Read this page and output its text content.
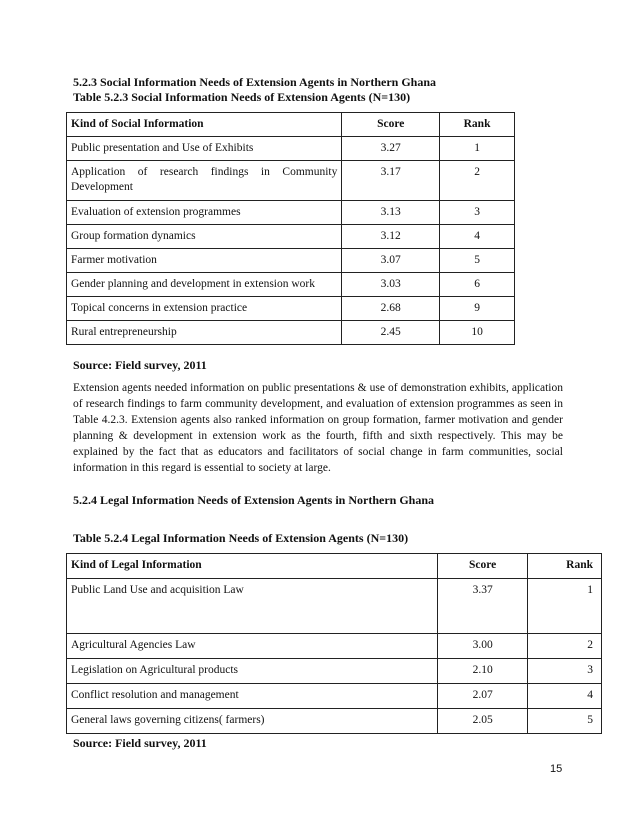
5.2.3 Social Information Needs of Extension Agents in Northern Ghana
Table 5.2.3 Social Information Needs of Extension Agents (N=130)
Kind of Social Information	Score	Rank
Public presentation and Use of Exhibits	3.27	1
Application of research findings in Community Development	3.17	2
Evaluation of extension programmes	3.13	3
Group formation dynamics	3.12	4
Farmer motivation	3.07	5
Gender planning and development in extension work	3.03	6
Topical concerns in extension practice	2.68	9
Rural entrepreneurship	2.45	10
Source: Field survey, 2011
Extension agents needed information on public presentations & use of demonstration exhibits, application of research findings to farm community development, and evaluation of extension programmes as seen in Table 4.2.3. Extension agents also ranked information on group formation, farmer motivation and gender planning & development in extension work as the fourth, fifth and sixth respectively. This may be explained by the fact that as educators and facilitators of social change in farm communities, social information in this regard is essential to society at large.
5.2.4 Legal Information Needs of Extension Agents in Northern Ghana
Table 5.2.4 Legal Information Needs of Extension Agents (N=130)
Kind of Legal Information	Score	Rank
Public Land Use and acquisition Law	3.37	1
Agricultural Agencies Law	3.00	2
Legislation on Agricultural products	2.10	3
Conflict resolution and management	2.07	4
General laws governing citizens( farmers)	2.05	5
Source: Field survey, 2011
15
